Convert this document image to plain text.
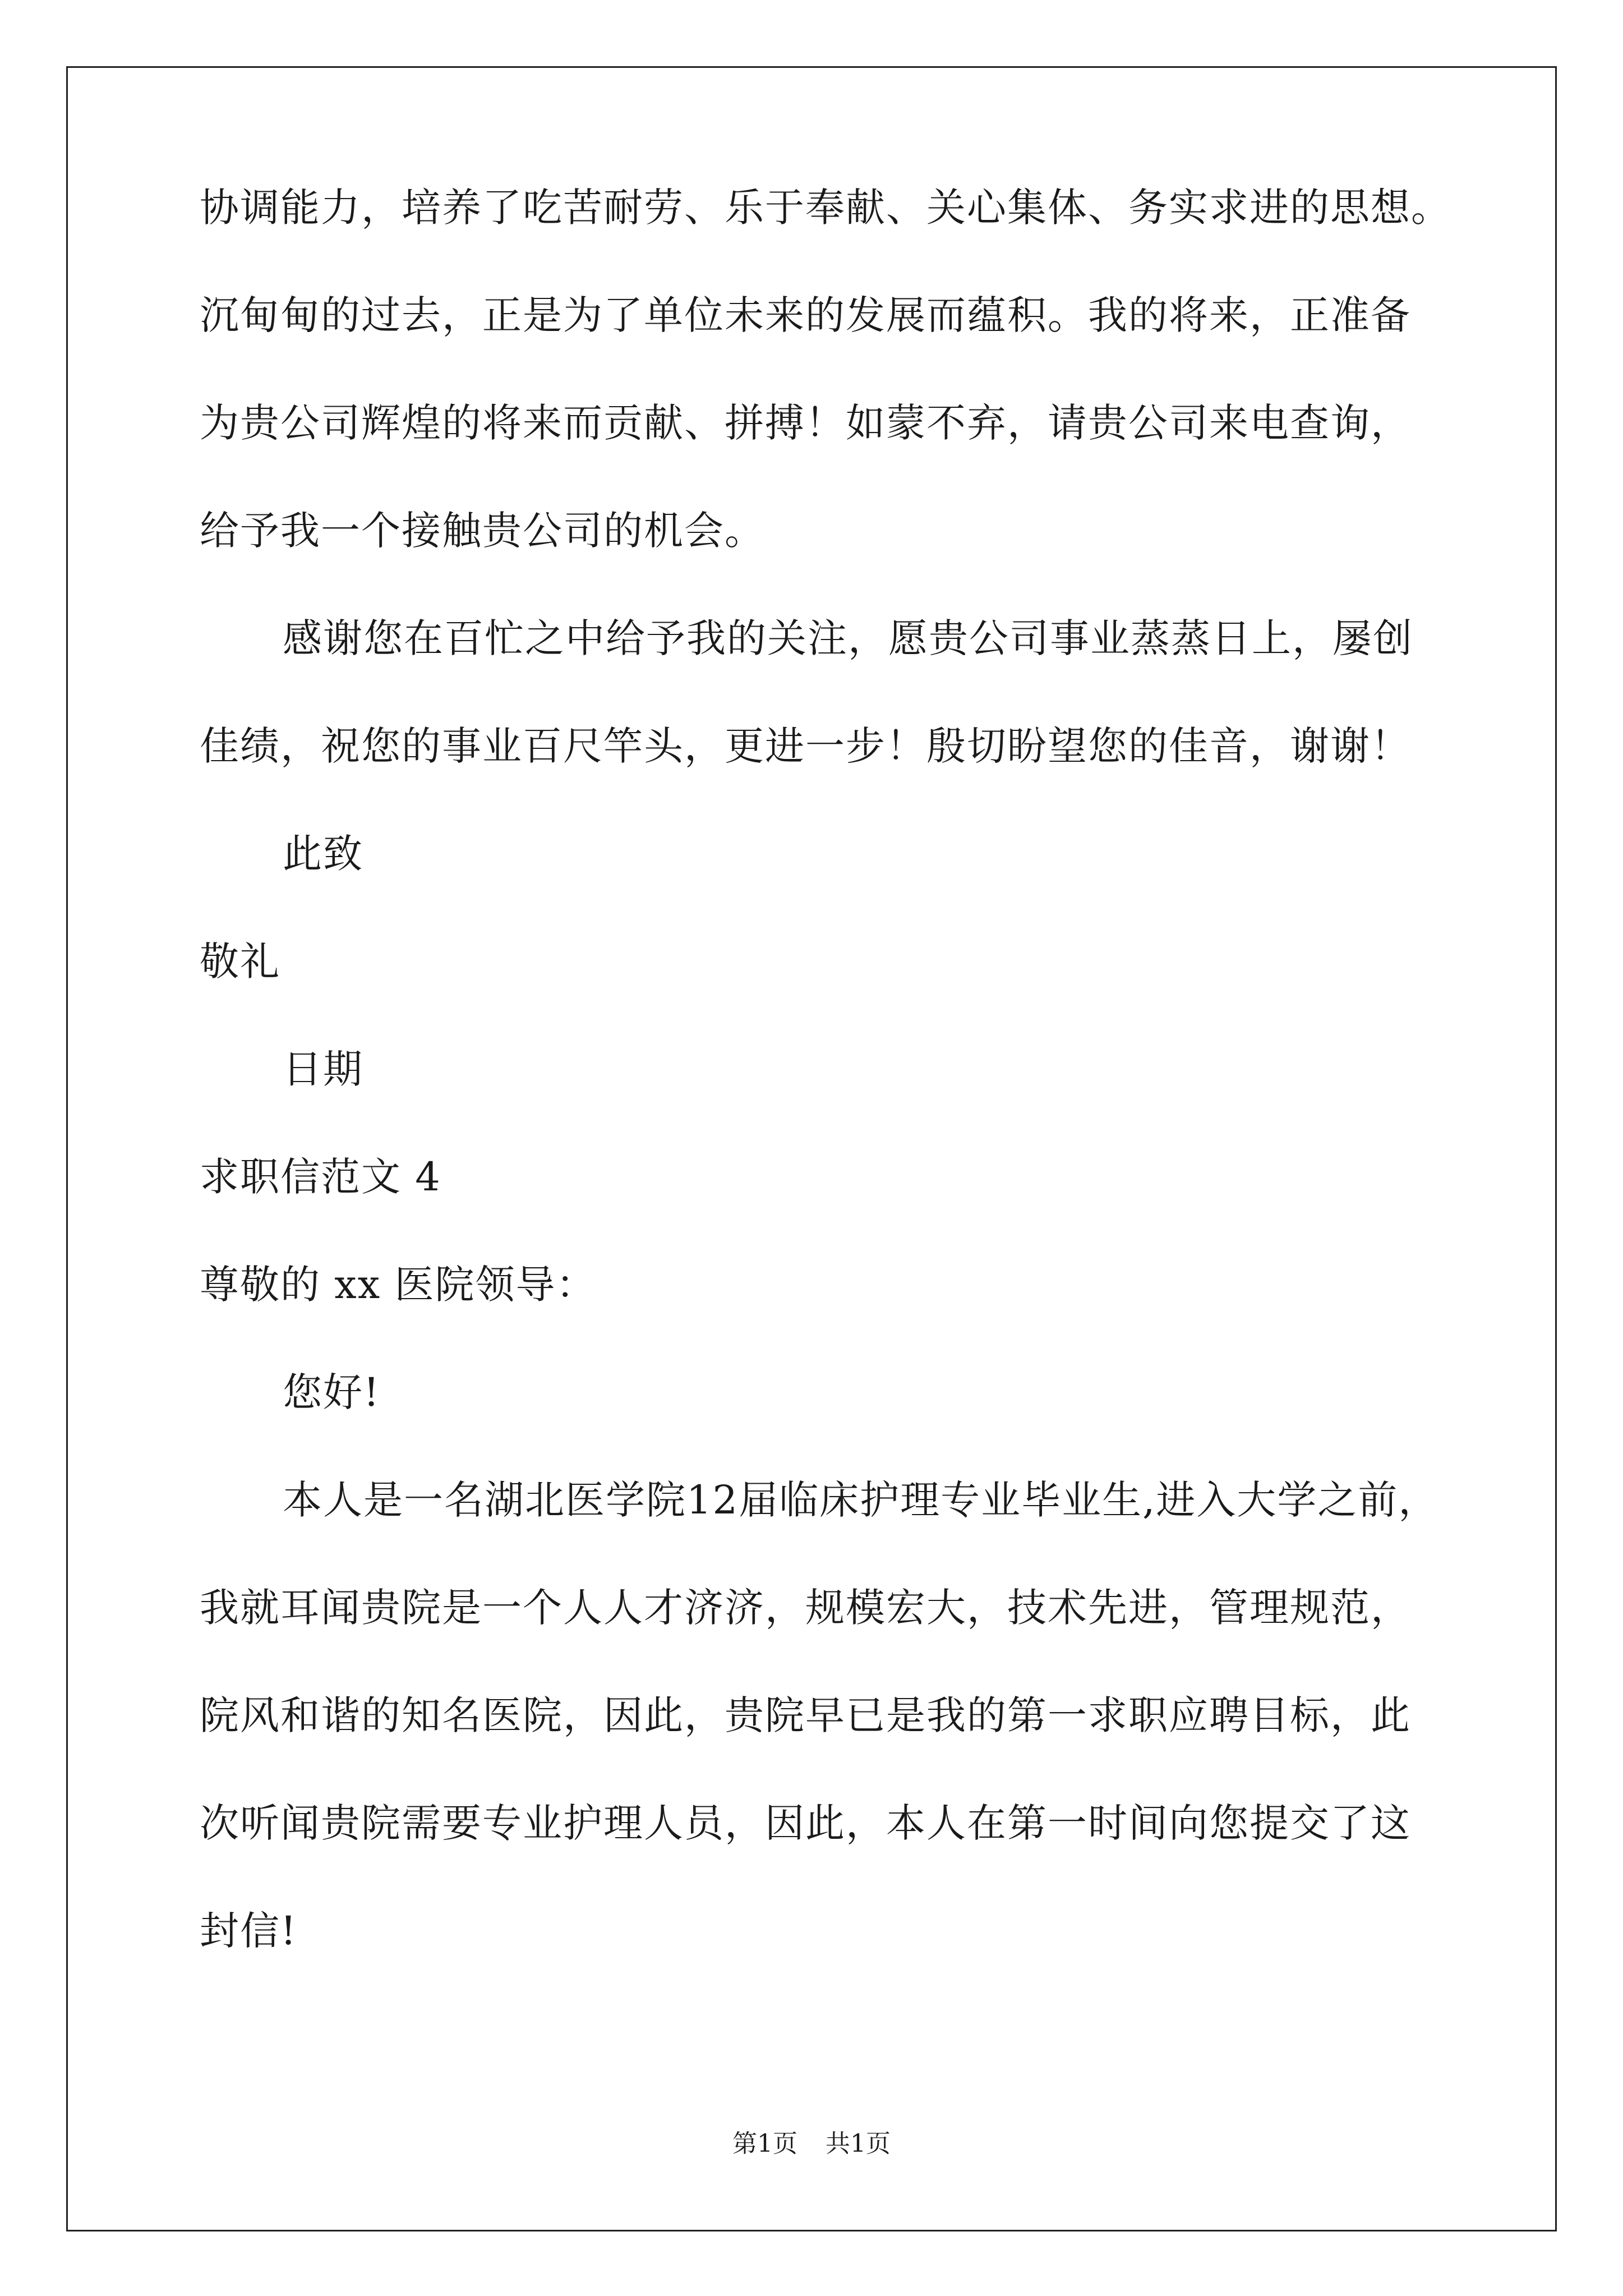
协调能力，培养了吃苦耐劳、乐于奉献、关心集体、务实求进的思想。
沉甸甸的过去，正是为了单位未来的发展而蕴积。我的将来，正准备
为贵公司辉煌的将来而贡献、拼搏！如蒙不弃，请贵公司来电查询，
给予我一个接触贵公司的机会。
感谢您在百忙之中给予我的关注，愿贵公司事业蒸蒸日上，屡创
佳绩，祝您的事业百尺竿头，更进一步！殷切盼望您的佳音，谢谢！
此致
敬礼
日期
求职信范文 4
尊敬的 xx 医院领导：
您好!
本人是一名湖北医学院12届临床护理专业毕业生,进入大学之前，
我就耳闻贵院是一个人人才济济，规模宏大，技术先进，管理规范，
院风和谐的知名医院，因此，贵院早已是我的第一求职应聘目标，此
次听闻贵院需要专业护理人员，因此，本人在第一时间向您提交了这
封信!
第1页 共1页
